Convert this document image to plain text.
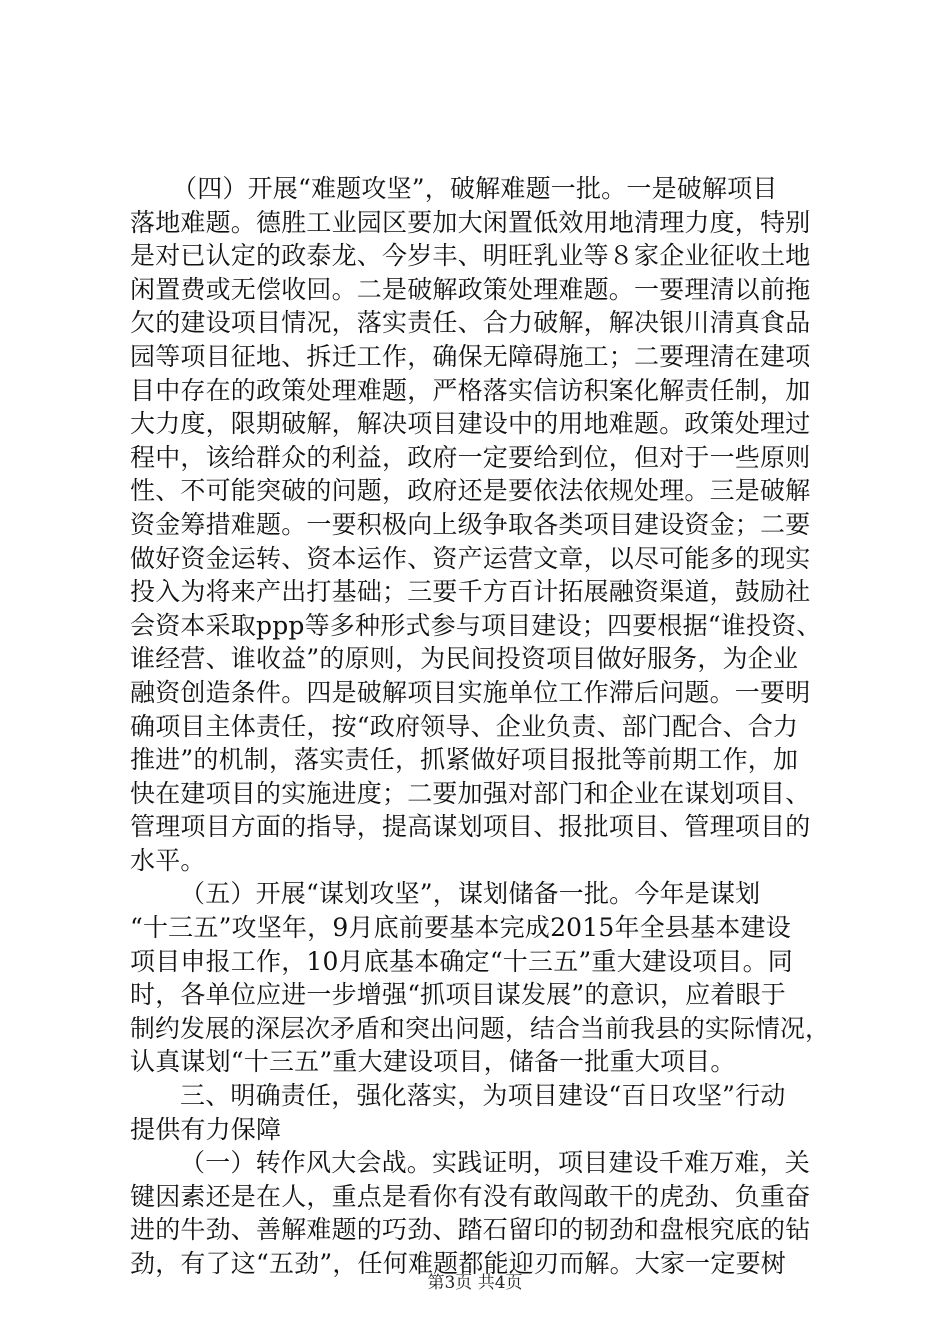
（四）开展“难题攻坚”，破解难题一批。一是破解项目
落地难题。德胜工业园区要加大闲置低效用地清理力度，特别
是对已认定的政泰龙、今岁丰、明旺乳业等８家企业征收土地
闲置费或无偿收回。二是破解政策处理难题。一要理清以前拖
欠的建设项目情况，落实责任、合力破解，解决银川清真食品
园等项目征地、拆迁工作，确保无障碍施工；二要理清在建项
目中存在的政策处理难题，严格落实信访积案化解责任制，加
大力度，限期破解，解决项目建设中的用地难题。政策处理过
程中，该给群众的利益，政府一定要给到位，但对于一些原则
性、不可能突破的问题，政府还是要依法依规处理。三是破解
资金筹措难题。一要积极向上级争取各类项目建设资金；二要
做好资金运转、资本运作、资产运营文章，以尽可能多的现实
投入为将来产出打基础；三要千方百计拓展融资渠道，鼓励社
会资本采取ppp等多种形式参与项目建设；四要根据“谁投资、
谁经营、谁收益”的原则，为民间投资项目做好服务，为企业
融资创造条件。四是破解项目实施单位工作滞后问题。一要明
确项目主体责任，按“政府领导、企业负责、部门配合、合力
推进”的机制，落实责任，抓紧做好项目报批等前期工作，加
快在建项目的实施进度；二要加强对部门和企业在谋划项目、
管理项目方面的指导，提高谋划项目、报批项目、管理项目的
水平。
（五）开展“谋划攻坚”，谋划储备一批。今年是谋划
“十三五”攻坚年，9月底前要基本完成2015年全县基本建设
项目申报工作，10月底基本确定“十三五”重大建设项目。同
时，各单位应进一步增强“抓项目谋发展”的意识，应着眼于
制约发展的深层次矛盾和突出问题，结合当前我县的实际情况，
认真谋划“十三五”重大建设项目，储备一批重大项目。
三、明确责任，强化落实，为项目建设“百日攻坚”行动
提供有力保障
（一）转作风大会战。实践证明，项目建设千难万难，关
键因素还是在人，重点是看你有没有敢闯敢干的虎劲、负重奋
进的牛劲、善解难题的巧劲、踏石留印的韧劲和盘根究底的钻
劲，有了这“五劲”，任何难题都能迎刃而解。大家一定要树
第3页 共4页
